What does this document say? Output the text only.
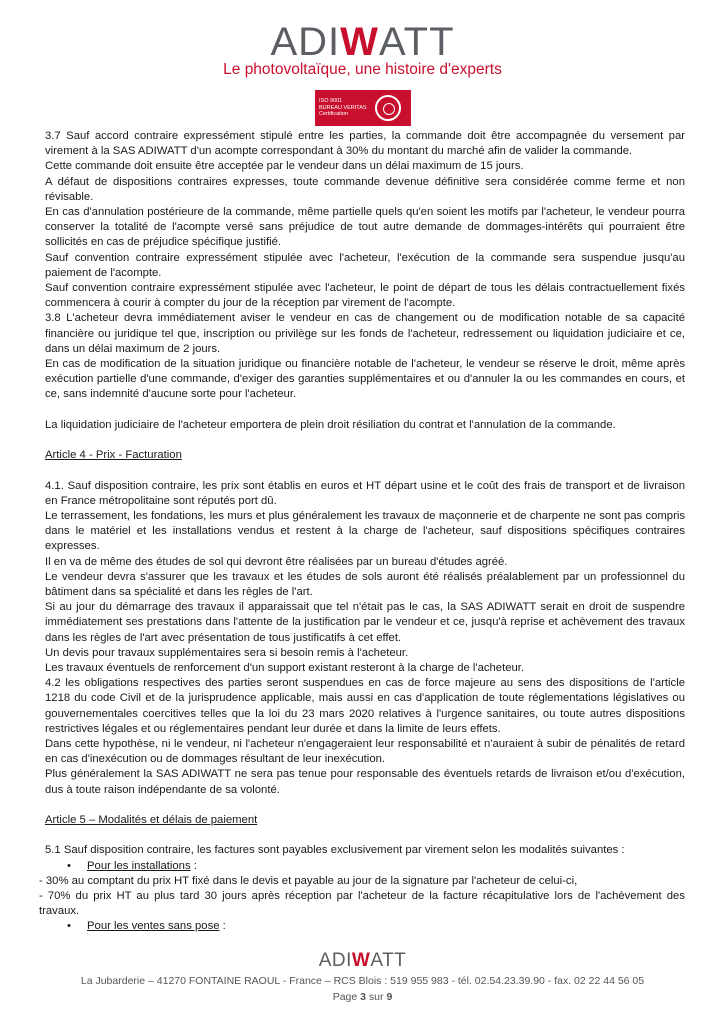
ADIWATT
Le photovoltaïque, une histoire d'experts
ISO 9001
BUREAU VERITAS
Certification

3.7 Sauf accord contraire expressément stipulé entre les parties, la commande doit être accompagnée du versement par virement à la SAS ADIWATT d'un acompte correspondant à 30% du montant du marché afin de valider la commande.

Cette commande doit ensuite être acceptée par le vendeur dans un délai maximum de 15 jours.

A défaut de dispositions contraires expresses, toute commande devenue définitive sera considérée comme ferme et non révisable.

En cas d'annulation postérieure de la commande, même partielle quels qu'en soient les motifs par l'acheteur, le vendeur pourra conserver la totalité de l'acompte versé sans préjudice de tout autre demande de dommages-intérêts qui pourraient être sollicités en cas de préjudice spécifique justifié.

Sauf convention contraire expressément stipulée avec l'acheteur, l'exécution de la commande sera suspendue jusqu'au paiement de l'acompte.

Sauf convention contraire expressément stipulée avec l'acheteur, le point de départ de tous les délais contractuellement fixés commencera à courir à compter du jour de la réception par virement de l'acompte.

3.8 L'acheteur devra immédiatement aviser le vendeur en cas de changement ou de modification notable de sa capacité financière ou juridique tel que, inscription ou privilège sur les fonds de l'acheteur, redressement ou liquidation judiciaire et ce, dans un délai maximum de 2 jours.

En cas de modification de la situation juridique ou financière notable de l'acheteur, le vendeur se réserve le droit, même après exécution partielle d'une commande, d'exiger des garanties supplémentaires et ou d'annuler la ou les commandes en cours, et ce, sans indemnité d'aucune sorte pour l'acheteur.

La liquidation judiciaire de l'acheteur emportera de plein droit résiliation du contrat et l'annulation de la commande.

Article 4 - Prix - Facturation

4.1. Sauf disposition contraire, les prix sont établis en euros et HT départ usine et le coût des frais de transport et de livraison en France métropolitaine sont réputés port dû.

Le terrassement, les fondations, les murs et plus généralement les travaux de maçonnerie et de charpente ne sont pas compris dans le matériel et les installations vendus et restent à la charge de l'acheteur, sauf dispositions spécifiques contraires expresses.

Il en va de même des études de sol qui devront être réalisées par un bureau d'études agréé.

Le vendeur devra s'assurer que les travaux et les études de sols auront été réalisés préalablement par un professionnel du bâtiment dans sa spécialité et dans les règles de l'art.

Si au jour du démarrage des travaux il apparaissait que tel n'était pas le cas, la SAS ADIWATT serait en droit de suspendre immédiatement ses prestations dans l'attente de la justification par le vendeur et ce, jusqu'à reprise et achèvement des travaux dans les règles de l'art avec présentation de tous justificatifs à cet effet.

Un devis pour travaux supplémentaires sera si besoin remis à l'acheteur.

Les travaux éventuels de renforcement d'un support existant resteront à la charge de l'acheteur.

4.2 les obligations respectives des parties seront suspendues en cas de force majeure au sens des dispositions de l'article 1218 du code Civil et de la jurisprudence applicable, mais aussi en cas d'application de toute réglementations législatives ou gouvernementales coercitives telles que la loi du 23 mars 2020 relatives à l'urgence sanitaires, ou toute autres dispositions restrictives légales et ou réglementaires pendant leur durée et dans la limite de leurs effets.

Dans cette hypothèse, ni le vendeur, ni l'acheteur n'engageraient leur responsabilité et n'auraient à subir de pénalités de retard en cas d'inexécution ou de dommages résultant de leur inexécution.

Plus généralement la SAS ADIWATT ne sera pas tenue pour responsable des éventuels retards de livraison et/ou d'exécution, dus à toute raison indépendante de sa volonté.

Article 5 – Modalités et délais de paiement

5.1 Sauf disposition contraire, les factures sont payables exclusivement par virement selon les modalités suivantes :

•	Pour les installations :

- 30% au comptant du prix HT fixé dans le devis et payable au jour de la signature par l'acheteur de celui-ci,

- 70% du prix HT au plus tard 30 jours après réception par l'acheteur de la facture récapitulative lors de l'achèvement des travaux.

•	Pour les ventes sans pose :
ADIWATT
La Jubarderie – 41270 FONTAINE RAOUL - France – RCS Blois : 519 955 983 - tél. 02.54.23.39.90 - fax. 02 22 44 56 05
Page 3 sur 9
